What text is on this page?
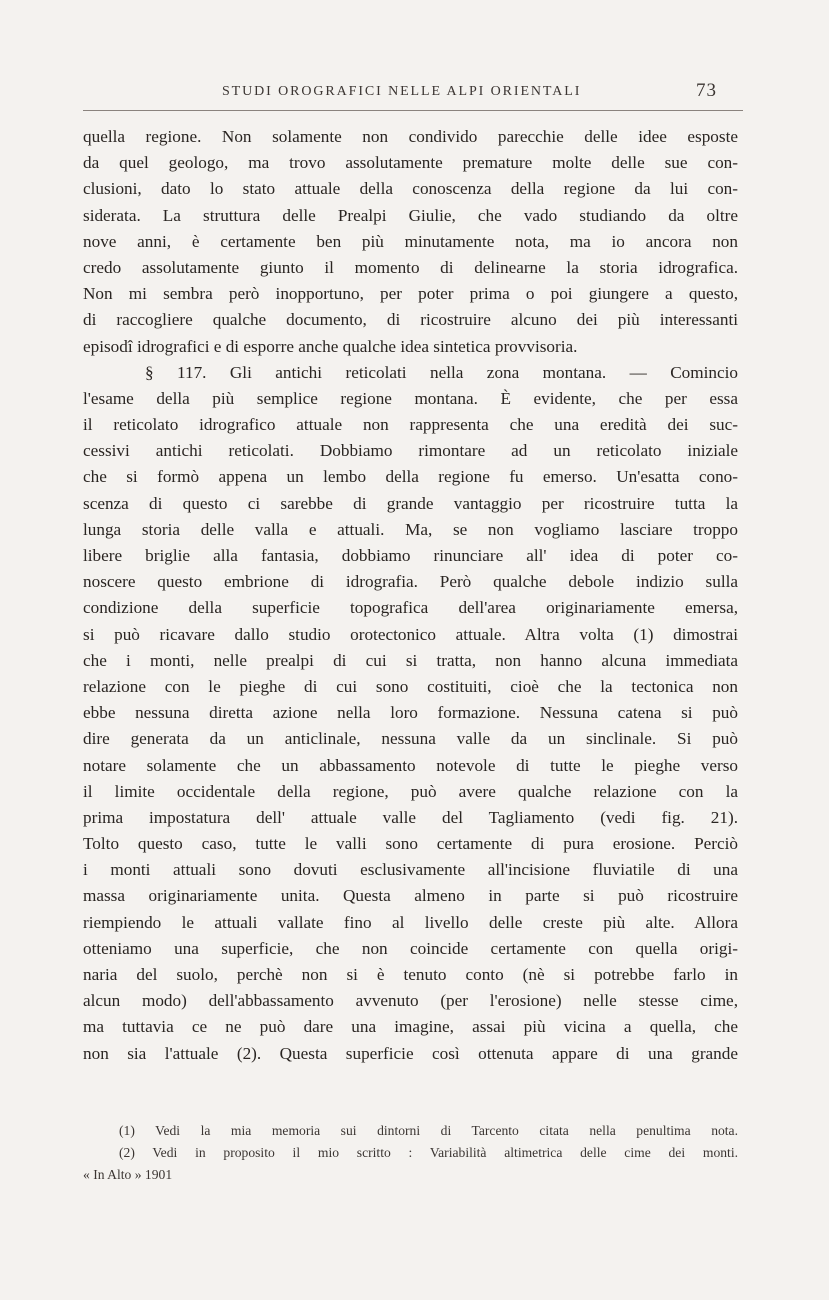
STUDI OROGRAFICI NELLE ALPI ORIENTALI	73
quella regione. Non solamente non condivido parecchie delle idee esposte
da quel geologo, ma trovo assolutamente premature molte delle sue con-
clusioni, dato lo stato attuale della conoscenza della regione da lui con-
siderata. La struttura delle Prealpi Giulie, che vado studiando da oltre
nove anni, è certamente ben più minutamente nota, ma io ancora non
credo assolutamente giunto il momento di delinearne la storia idrografica.
Non mi sembra però inopportuno, per poter prima o poi giungere a questo,
di raccogliere qualche documento, di ricostruire alcuno dei più interessanti
episodî idrografici e di esporre anche qualche idea sintetica provvisoria.
§ 117. Gli antichi reticolati nella zona montana. — Comincio
l'esame della più semplice regione montana. È evidente, che per essa
il reticolato idrografico attuale non rappresenta che una eredità dei suc-
cessivi antichi reticolati. Dobbiamo rimontare ad un reticolato iniziale
che si formò appena un lembo della regione fu emerso. Un'esatta cono-
scenza di questo ci sarebbe di grande vantaggio per ricostruire tutta la
lunga storia delle valla e attuali. Ma, se non vogliamo lasciare troppo
libere briglie alla fantasia, dobbiamo rinunciare all' idea di poter co-
noscere questo embrione di idrografia. Però qualche debole indizio sulla
condizione della superficie topografica dell'area originariamente emersa,
si può ricavare dallo studio orotectonico attuale. Altra volta (1) dimostrai
che i monti, nelle prealpi di cui si tratta, non hanno alcuna immediata
relazione con le pieghe di cui sono costituiti, cioè che la tectonica non
ebbe nessuna diretta azione nella loro formazione. Nessuna catena si può
dire generata da un anticlinale, nessuna valle da un sinclinale. Si può
notare solamente che un abbassamento notevole di tutte le pieghe verso
il limite occidentale della regione, può avere qualche relazione con la
prima impostatura dell' attuale valle del Tagliamento (vedi fig. 21).
Tolto questo caso, tutte le valli sono certamente di pura erosione. Perciò
i monti attuali sono dovuti esclusivamente all'incisione fluviatile di una
massa originariamente unita. Questa almeno in parte si può ricostruire
riempiendo le attuali vallate fino al livello delle creste più alte. Allora
otteniamo una superficie, che non coincide certamente con quella origi-
naria del suolo, perchè non si è tenuto conto (nè si potrebbe farlo in
alcun modo) dell'abbassamento avvenuto (per l'erosione) nelle stesse cime,
ma tuttavia ce ne può dare una imagine, assai più vicina a quella, che
non sia l'attuale (2). Questa superficie così ottenuta appare di una grande
(1) Vedi la mia memoria sui dintorni di Tarcento citata nella penultima nota.
(2) Vedi in proposito il mio scritto : Variabilità altimetrica delle cime dei monti.
« In Alto » 1901
